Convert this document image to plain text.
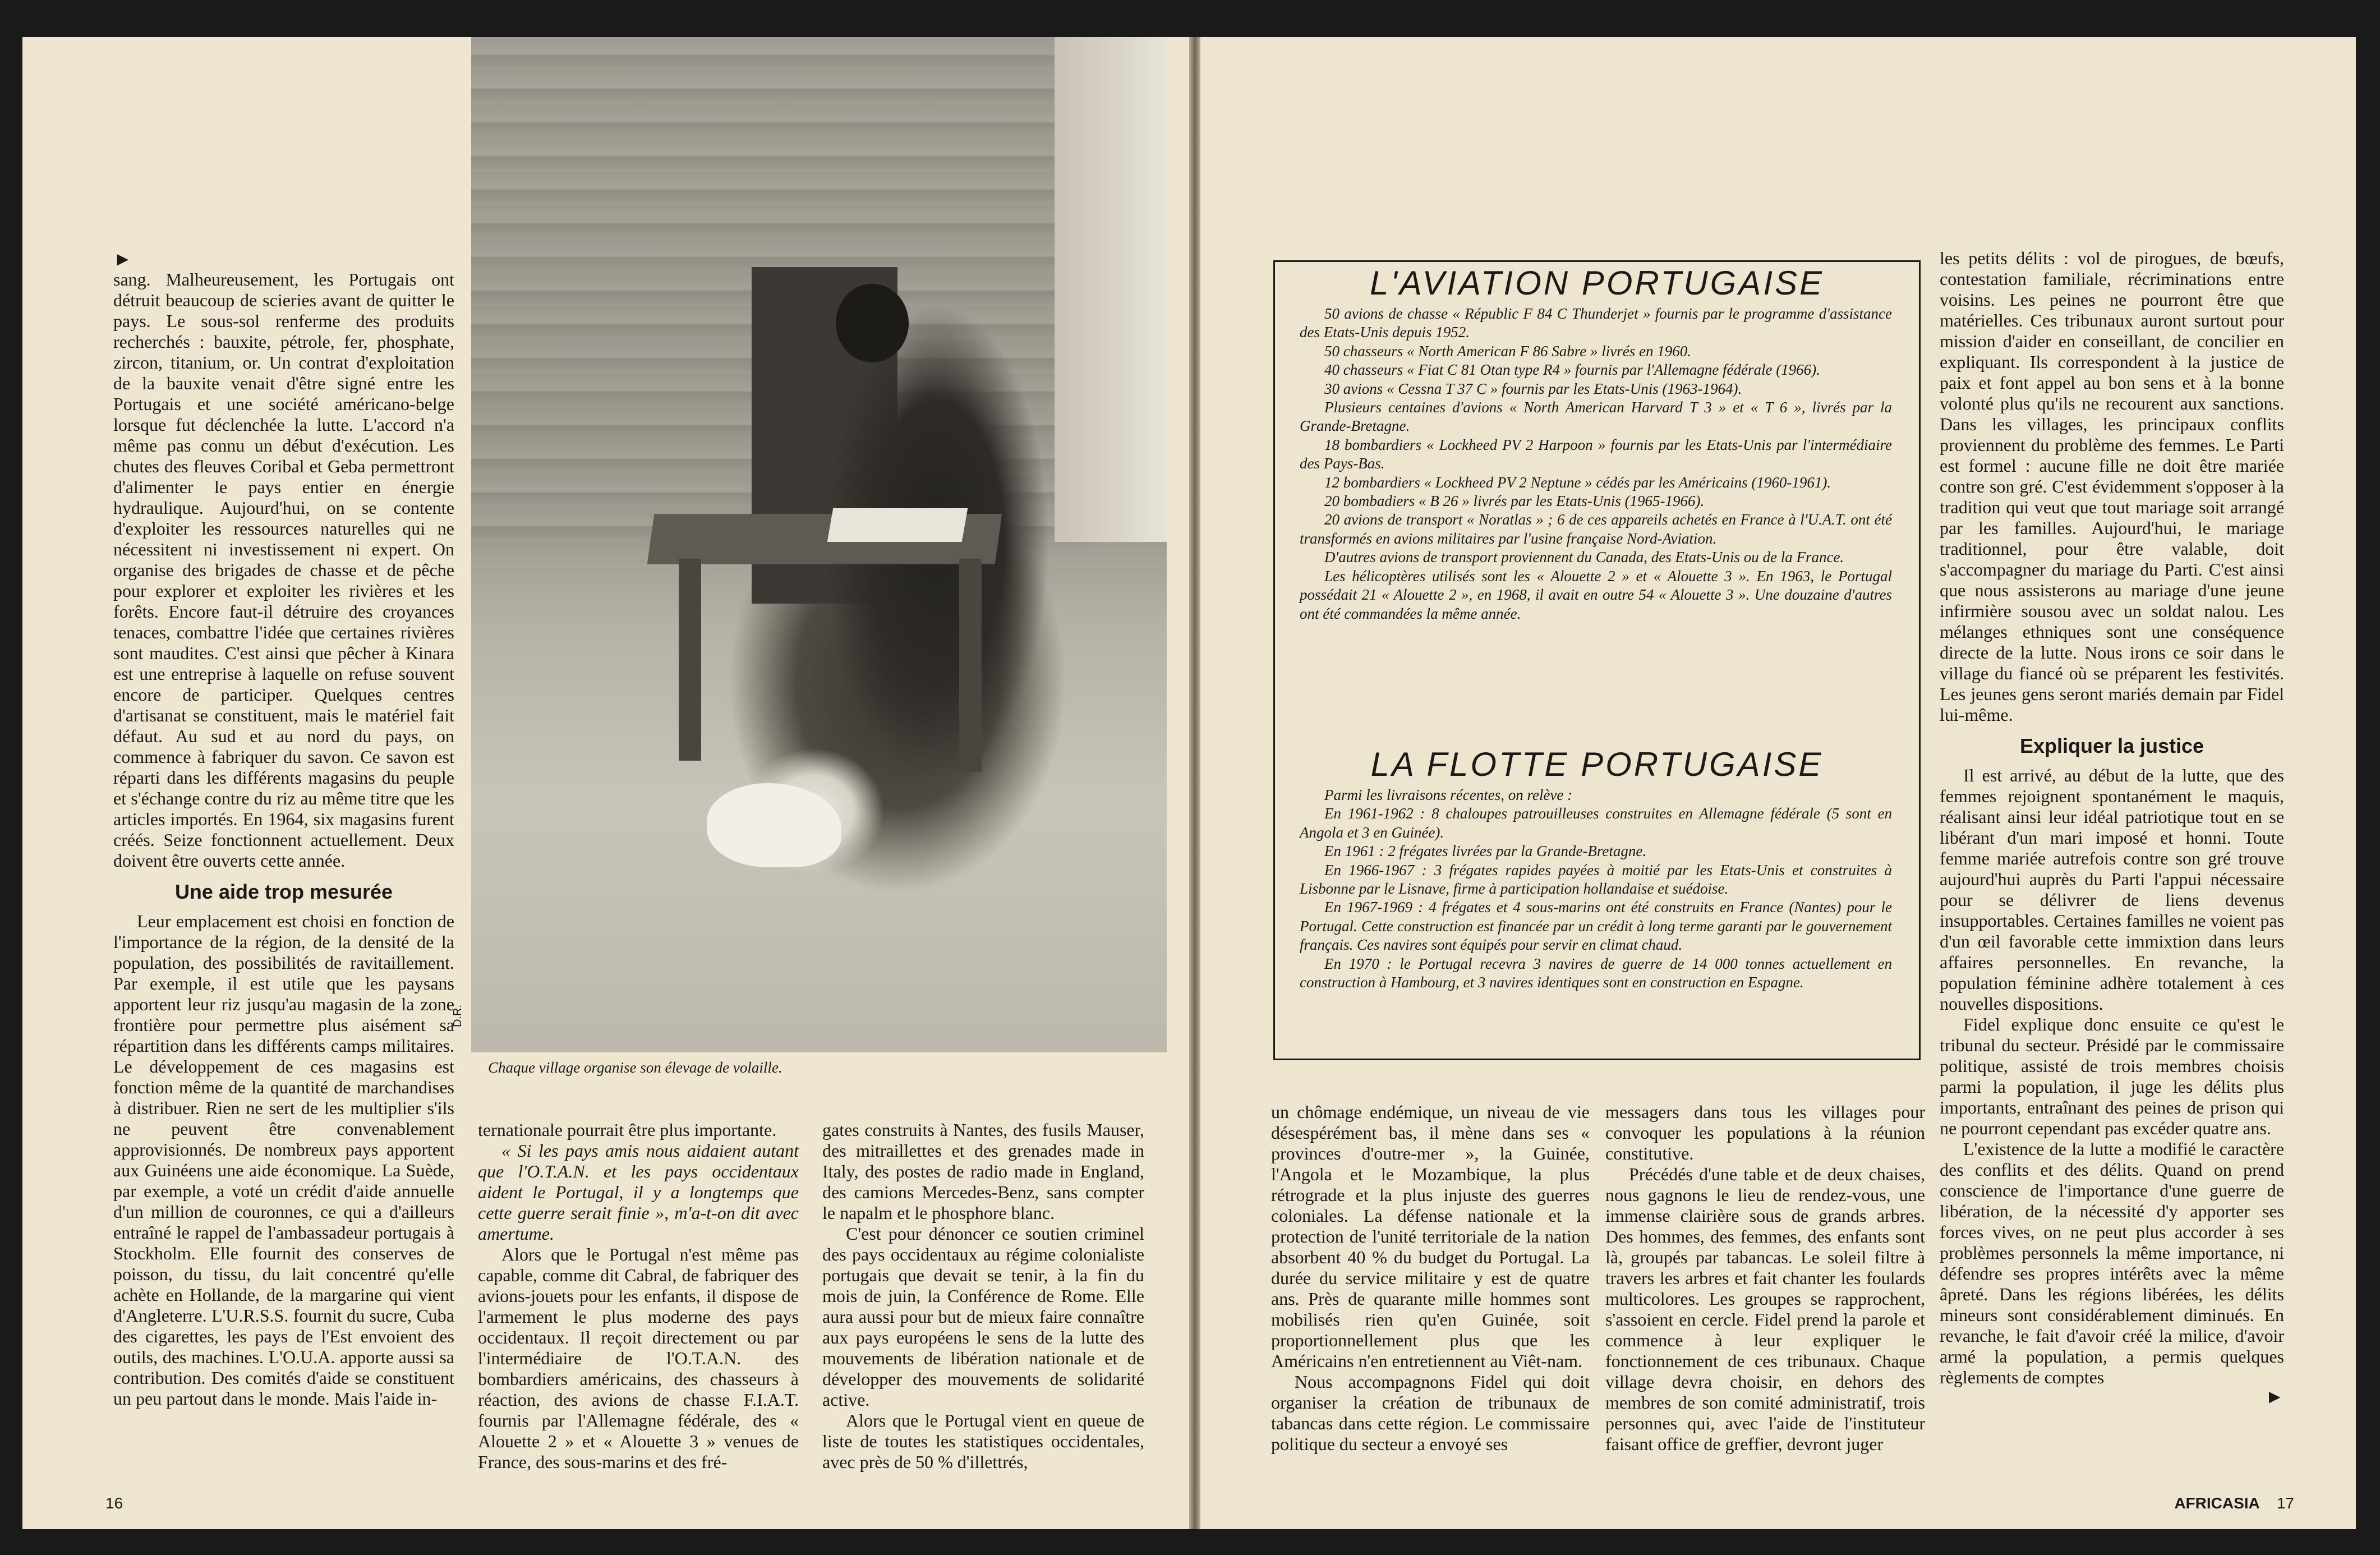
►

sang. Malheureusement, les Portugais ont détruit beaucoup de scieries avant de quitter le pays. Le sous-sol renferme des produits recherchés : bauxite, pétrole, fer, phosphate, zircon, titanium, or. Un contrat d'exploitation de la bauxite venait d'être signé entre les Portugais et une société américano-belge lorsque fut déclenchée la lutte. L'accord n'a même pas connu un début d'exécution. Les chutes des fleuves Coribal et Geba permettront d'alimenter le pays entier en énergie hydraulique. Aujourd'hui, on se contente d'exploiter les ressources naturelles qui ne nécessitent ni investissement ni expert. On organise des brigades de chasse et de pêche pour explorer et exploiter les rivières et les forêts. Encore faut-il détruire des croyances tenaces, combattre l'idée que certaines rivières sont maudites. C'est ainsi que pêcher à Kinara est une entreprise à laquelle on refuse souvent encore de participer. Quelques centres d'artisanat se constituent, mais le matériel fait défaut. Au sud et au nord du pays, on commence à fabriquer du savon. Ce savon est réparti dans les différents magasins du peuple et s'échange contre du riz au même titre que les articles importés. En 1964, six magasins furent créés. Seize fonctionnent actuellement. Deux doivent être ouverts cette année.

Une aide trop mesurée

Leur emplacement est choisi en fonction de l'importance de la région, de la densité de la population, des possibilités de ravitaillement. Par exemple, il est utile que les paysans apportent leur riz jusqu'au magasin de la zone frontière pour permettre plus aisément sa répartition dans les différents camps militaires. Le développement de ces magasins est fonction même de la quantité de marchandises à distribuer. Rien ne sert de les multiplier s'ils ne peuvent être convenablement approvisionnés. De nombreux pays apportent aux Guinéens une aide économique. La Suède, par exemple, a voté un crédit d'aide annuelle d'un million de couronnes, ce qui a d'ailleurs entraîné le rappel de l'ambassadeur portugais à Stockholm. Elle fournit des conserves de poisson, du tissu, du lait concentré qu'elle achète en Hollande, de la margarine qui vient d'Angleterre. L'U.R.S.S. fournit du sucre, Cuba des cigarettes, les pays de l'Est envoient des outils, des machines. L'O.U.A. apporte aussi sa contribution. Des comités d'aide se constituent un peu partout dans le monde. Mais l'aide in-

D.R.
Chaque village organise son élevage de volaille.

ternationale pourrait être plus importante.

« Si les pays amis nous aidaient autant que l'O.T.A.N. et les pays occidentaux aident le Portugal, il y a longtemps que cette guerre serait finie », m'a-t-on dit avec amertume.

Alors que le Portugal n'est même pas capable, comme dit Cabral, de fabriquer des avions-jouets pour les enfants, il dispose de l'armement le plus moderne des pays occidentaux. Il reçoit directement ou par l'intermédiaire de l'O.T.A.N. des bombardiers américains, des chasseurs à réaction, des avions de chasse F.I.A.T. fournis par l'Allemagne fédérale, des « Alouette 2 » et « Alouette 3 » venues de France, des sous-marins et des fré-

gates construits à Nantes, des fusils Mauser, des mitraillettes et des grenades made in Italy, des postes de radio made in England, des camions Mercedes-Benz, sans compter le napalm et le phosphore blanc.

C'est pour dénoncer ce soutien criminel des pays occidentaux au régime colonialiste portugais que devait se tenir, à la fin du mois de juin, la Conférence de Rome. Elle aura aussi pour but de mieux faire connaître aux pays européens le sens de la lutte des mouvements de libération nationale et de développer des mouvements de solidarité active.

Alors que le Portugal vient en queue de liste de toutes les statistiques occidentales, avec près de 50 % d'illettrés,

16
L'AVIATION PORTUGAISE

50 avions de chasse « Républic F 84 C Thunderjet » fournis par le programme d'assistance des Etats-Unis depuis 1952.

50 chasseurs « North American F 86 Sabre » livrés en 1960.

40 chasseurs « Fiat C 81 Otan type R4 » fournis par l'Allemagne fédérale (1966).

30 avions « Cessna T 37 C » fournis par les Etats-Unis (1963-1964).

Plusieurs centaines d'avions « North American Harvard T 3 » et « T 6 », livrés par la Grande-Bretagne.

18 bombardiers « Lockheed PV 2 Harpoon » fournis par les Etats-Unis par l'intermédiaire des Pays-Bas.

12 bombardiers « Lockheed PV 2 Neptune » cédés par les Américains (1960-1961).

20 bombadiers « B 26 » livrés par les Etats-Unis (1965-1966).

20 avions de transport « Noratlas » ; 6 de ces appareils achetés en France à l'U.A.T. ont été transformés en avions militaires par l'usine française Nord-Aviation.

D'autres avions de transport proviennent du Canada, des Etats-Unis ou de la France.

Les hélicoptères utilisés sont les « Alouette 2 » et « Alouette 3 ». En 1963, le Portugal possédait 21 « Alouette 2 », en 1968, il avait en outre 54 « Alouette 3 ». Une douzaine d'autres ont été commandées la même année.

LA FLOTTE PORTUGAISE

Parmi les livraisons récentes, on relève :

En 1961-1962 : 8 chaloupes patrouilleuses construites en Allemagne fédérale (5 sont en Angola et 3 en Guinée).

En 1961 : 2 frégates livrées par la Grande-Bretagne.

En 1966-1967 : 3 frégates rapides payées à moitié par les Etats-Unis et construites à Lisbonne par le Lisnave, firme à participation hollandaise et suédoise.

En 1967-1969 : 4 frégates et 4 sous-marins ont été construits en France (Nantes) pour le Portugal. Cette construction est financée par un crédit à long terme garanti par le gouvernement français. Ces navires sont équipés pour servir en climat chaud.

En 1970 : le Portugal recevra 3 navires de guerre de 14 000 tonnes actuellement en construction à Hambourg, et 3 navires identiques sont en construction en Espagne.

les petits délits : vol de pirogues, de bœufs, contestation familiale, récriminations entre voisins. Les peines ne pourront être que matérielles. Ces tribunaux auront surtout pour mission d'aider en conseillant, de concilier en expliquant. Ils correspondent à la justice de paix et font appel au bon sens et à la bonne volonté plus qu'ils ne recourent aux sanctions. Dans les villages, les principaux conflits proviennent du problème des femmes. Le Parti est formel : aucune fille ne doit être mariée contre son gré. C'est évidemment s'opposer à la tradition qui veut que tout mariage soit arrangé par les familles. Aujourd'hui, le mariage traditionnel, pour être valable, doit s'accompagner du mariage du Parti. C'est ainsi que nous assisterons au mariage d'une jeune infirmière sousou avec un soldat nalou. Les mélanges ethniques sont une conséquence directe de la lutte. Nous irons ce soir dans le village du fiancé où se préparent les festivités. Les jeunes gens seront mariés demain par Fidel lui-même.

Expliquer la justice

Il est arrivé, au début de la lutte, que des femmes rejoignent spontanément le maquis, réalisant ainsi leur idéal patriotique tout en se libérant d'un mari imposé et honni. Toute femme mariée autrefois contre son gré trouve aujourd'hui auprès du Parti l'appui nécessaire pour se délivrer de liens devenus insupportables. Certaines familles ne voient pas d'un œil favorable cette immixtion dans leurs affaires personnelles. En revanche, la population féminine adhère totalement à ces nouvelles dispositions.

Fidel explique donc ensuite ce qu'est le tribunal du secteur. Présidé par le commissaire politique, assisté de trois membres choisis parmi la population, il juge les délits plus importants, entraînant des peines de prison qui ne pourront cependant pas excéder quatre ans.

L'existence de la lutte a modifié le caractère des conflits et des délits. Quand on prend conscience de l'importance d'une guerre de libération, de la nécessité d'y apporter ses forces vives, on ne peut plus accorder à ses problèmes personnels la même importance, ni défendre ses propres intérêts avec la même âpreté. Dans les régions libérées, les délits mineurs sont considérablement diminués. En revanche, le fait d'avoir créé la milice, d'avoir armé la population, a permis quelques règlements de comptes

►

un chômage endémique, un niveau de vie désespérément bas, il mène dans ses « provinces d'outre-mer », la Guinée, l'Angola et le Mozambique, la plus rétrograde et la plus injuste des guerres coloniales. La défense nationale et la protection de l'unité territoriale de la nation absorbent 40 % du budget du Portugal. La durée du service militaire y est de quatre ans. Près de quarante mille hommes sont mobilisés rien qu'en Guinée, soit proportionnellement plus que les Américains n'en entretiennent au Viêt-nam.

Nous accompagnons Fidel qui doit organiser la création de tribunaux de tabancas dans cette région. Le commissaire politique du secteur a envoyé ses

messagers dans tous les villages pour convoquer les populations à la réunion constitutive.

Précédés d'une table et de deux chaises, nous gagnons le lieu de rendez-vous, une immense clairière sous de grands arbres. Des hommes, des femmes, des enfants sont là, groupés par tabancas. Le soleil filtre à travers les arbres et fait chanter les foulards multicolores. Les groupes se rapprochent, s'assoient en cercle. Fidel prend la parole et commence à leur expliquer le fonctionnement de ces tribunaux. Chaque village devra choisir, en dehors des membres de son comité administratif, trois personnes qui, avec l'aide de l'instituteur faisant office de greffier, devront juger

AFRICASIA 17
